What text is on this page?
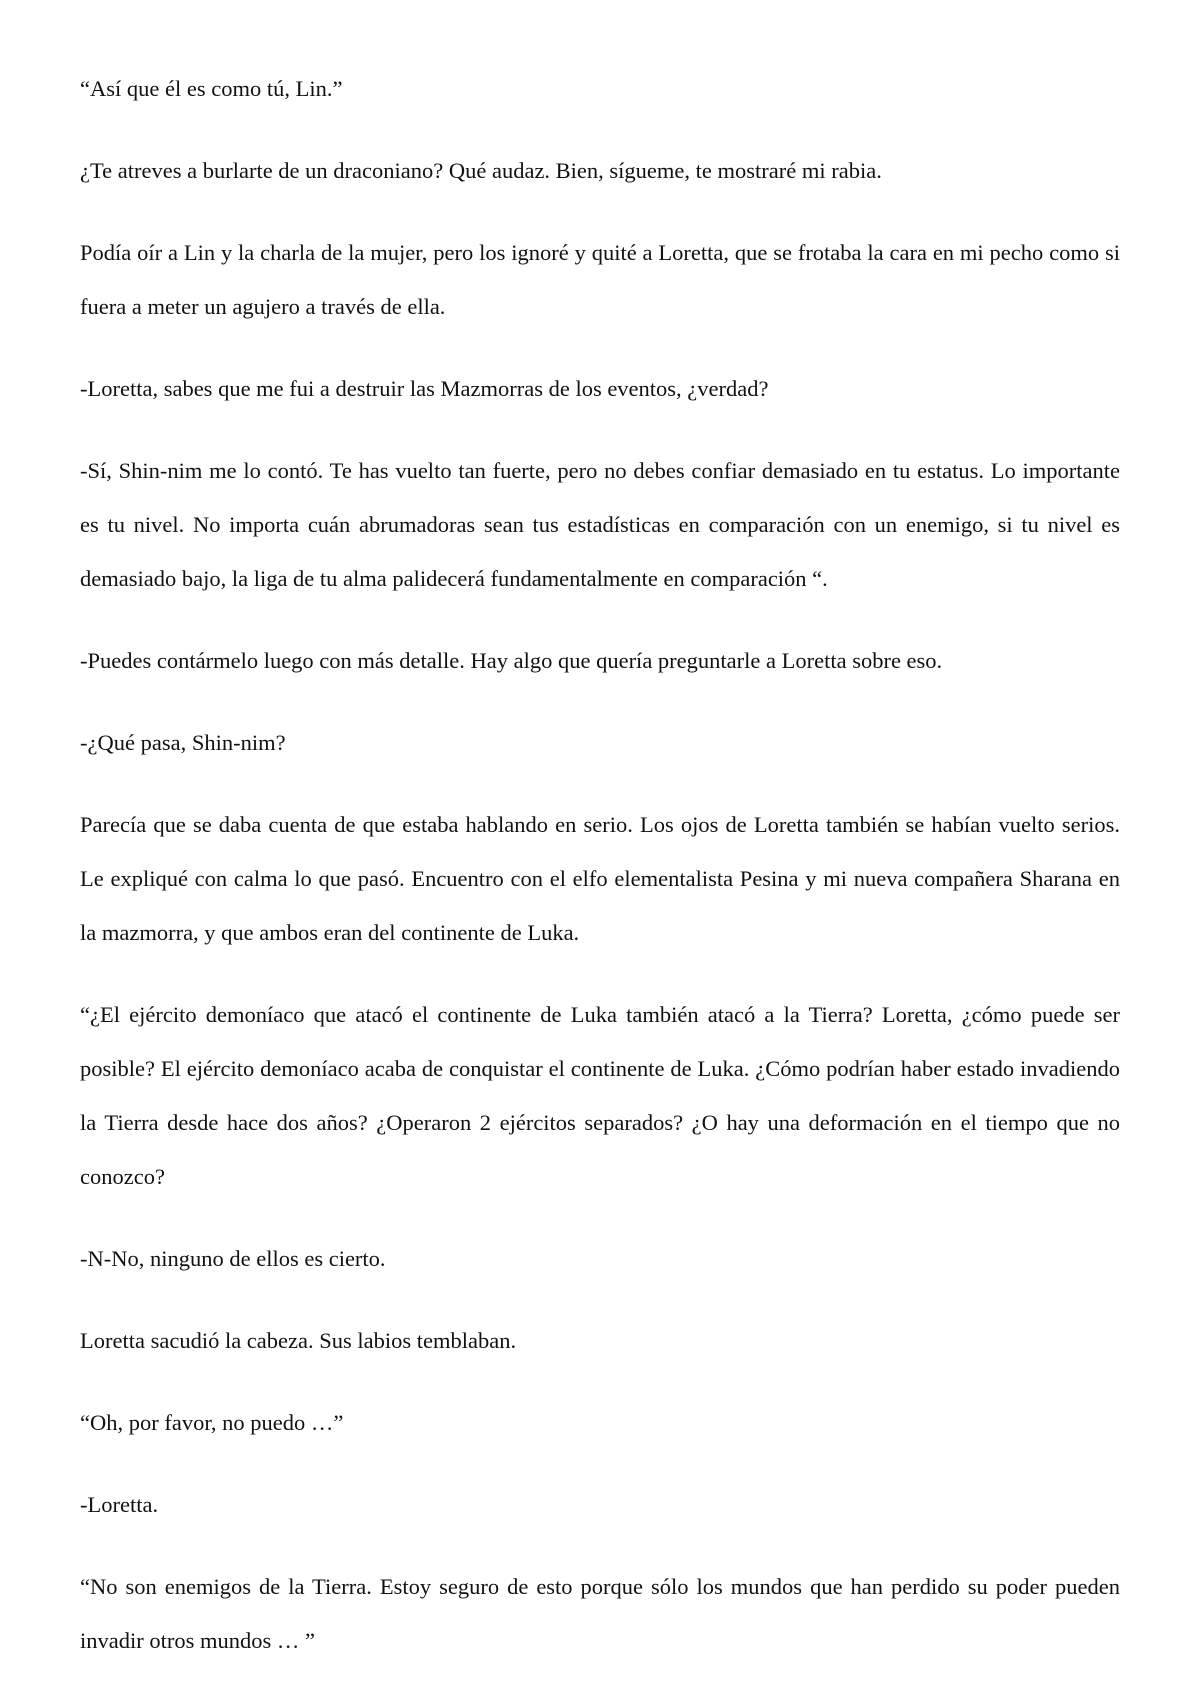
“Así que él es como tú, Lin.”

¿Te atreves a burlarte de un draconiano? Qué audaz. Bien, sígueme, te mostraré mi rabia.

Podía oír a Lin y la charla de la mujer, pero los ignoré y quité a Loretta, que se frotaba la cara en mi pecho como si fuera a meter un agujero a través de ella.

-Loretta, sabes que me fui a destruir las Mazmorras de los eventos, ¿verdad?

-Sí, Shin-nim me lo contó. Te has vuelto tan fuerte, pero no debes confiar demasiado en tu estatus. Lo importante es tu nivel. No importa cuán abrumadoras sean tus estadísticas en comparación con un enemigo, si tu nivel es demasiado bajo, la liga de tu alma palidecerá fundamentalmente en comparación “.

-Puedes contármelo luego con más detalle. Hay algo que quería preguntarle a Loretta sobre eso.

-¿Qué pasa, Shin-nim?

Parecía que se daba cuenta de que estaba hablando en serio. Los ojos de Loretta también se habían vuelto serios. Le expliqué con calma lo que pasó. Encuentro con el elfo elementalista Pesina y mi nueva compañera Sharana en la mazmorra, y que ambos eran del continente de Luka.

“¿El ejército demoníaco que atacó el continente de Luka también atacó a la Tierra? Loretta, ¿cómo puede ser posible? El ejército demoníaco acaba de conquistar el continente de Luka. ¿Cómo podrían haber estado invadiendo la Tierra desde hace dos años? ¿Operaron 2 ejércitos separados? ¿O hay una deformación en el tiempo que no conozco?

-N-No, ninguno de ellos es cierto.

Loretta sacudió la cabeza. Sus labios temblaban.

“Oh, por favor, no puedo …”

-Loretta.

“No son enemigos de la Tierra. Estoy seguro de esto porque sólo los mundos que han perdido su poder pueden invadir otros mundos … ”
